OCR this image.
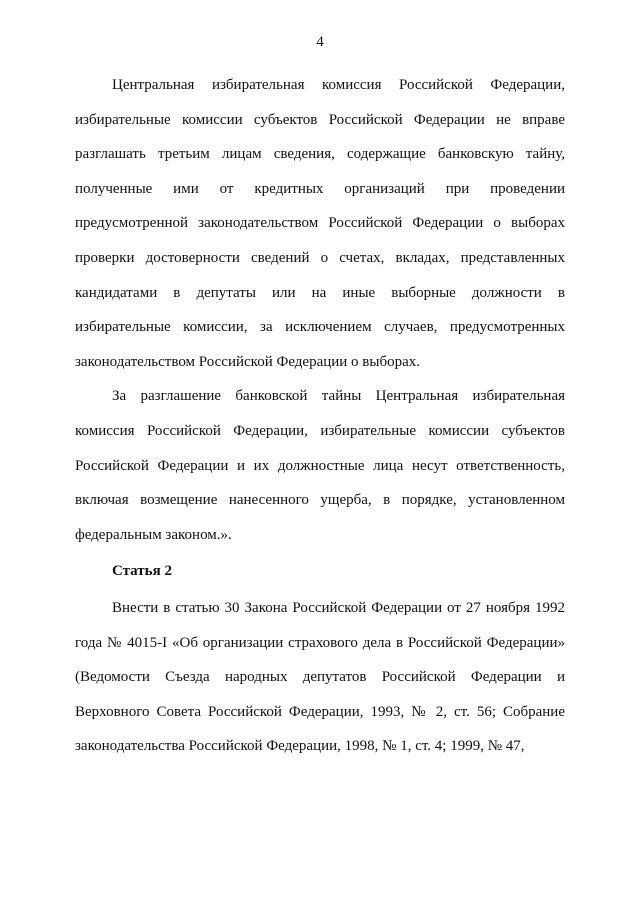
4

Центральная избирательная комиссия Российской Федерации, избирательные комиссии субъектов Российской Федерации не вправе разглашать третьим лицам сведения, содержащие банковскую тайну, полученные ими от кредитных организаций при проведении предусмотренной законодательством Российской Федерации о выборах проверки достоверности сведений о счетах, вкладах, представленных кандидатами в депутаты или на иные выборные должности в избирательные комиссии, за исключением случаев, предусмотренных законодательством Российской Федерации о выборах.

За разглашение банковской тайны Центральная избирательная комиссия Российской Федерации, избирательные комиссии субъектов Российской Федерации и их должностные лица несут ответственность, включая возмещение нанесенного ущерба, в порядке, установленном федеральным законом.».

Статья 2

Внести в статью 30 Закона Российской Федерации от 27 ноября 1992 года № 4015-I «Об организации страхового дела в Российской Федерации» (Ведомости Съезда народных депутатов Российской Федерации и Верховного Совета Российской Федерации, 1993, № 2, ст. 56; Собрание законодательства Российской Федерации, 1998, № 1, ст. 4; 1999, № 47,
